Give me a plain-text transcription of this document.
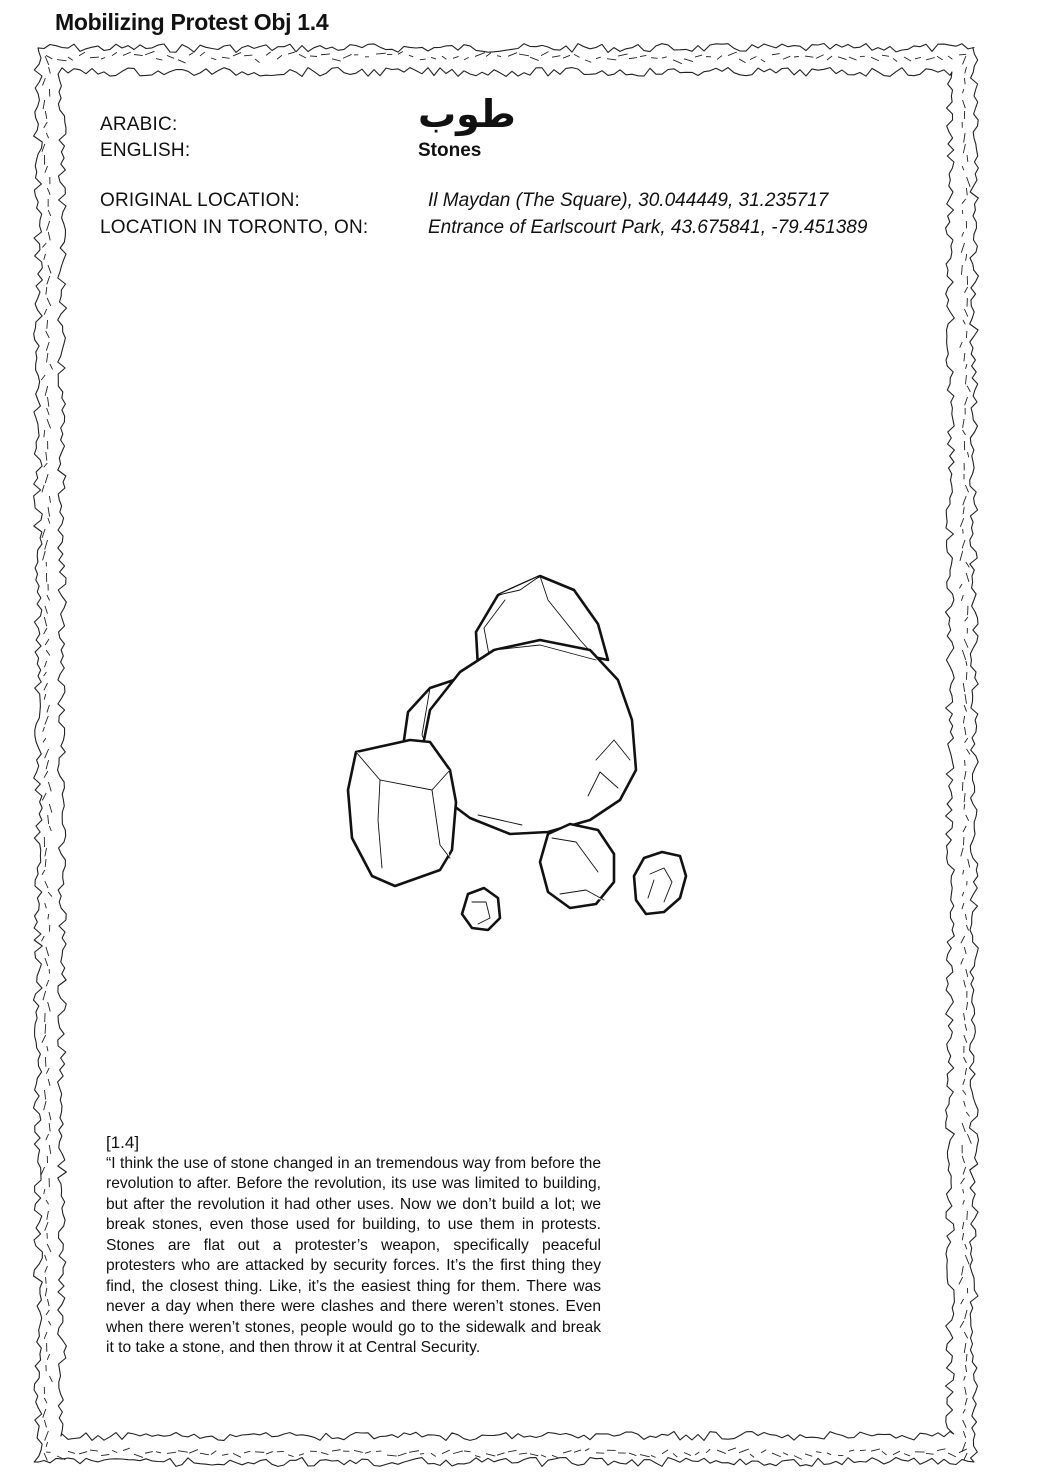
Mobilizing Protest Obj 1.4
ARABIC:	طوب
ENGLISH:	Stones
ORIGINAL LOCATION:	Il Maydan (The Square), 30.044449, 31.235717
LOCATION IN TORONTO, ON:	Entrance of Earlscourt Park, 43.675841, -79.451389

[1.4]
“I think the use of stone changed in an tremendous way from before the revolution to after. Before the revolution, its use was limited to building, but after the revolution it had other uses. Now we don’t build a lot; we break stones, even those used for building, to use them in protests. Stones are flat out a protester’s weapon, specifically peaceful protesters who are attacked by security forces. It’s the first thing they find, the closest thing. Like, it’s the easiest thing for them. There was never a day when there were clashes and there weren’t stones. Even when there weren’t stones, people would go to the sidewalk and break it to take a stone, and then throw it at Central Security.
